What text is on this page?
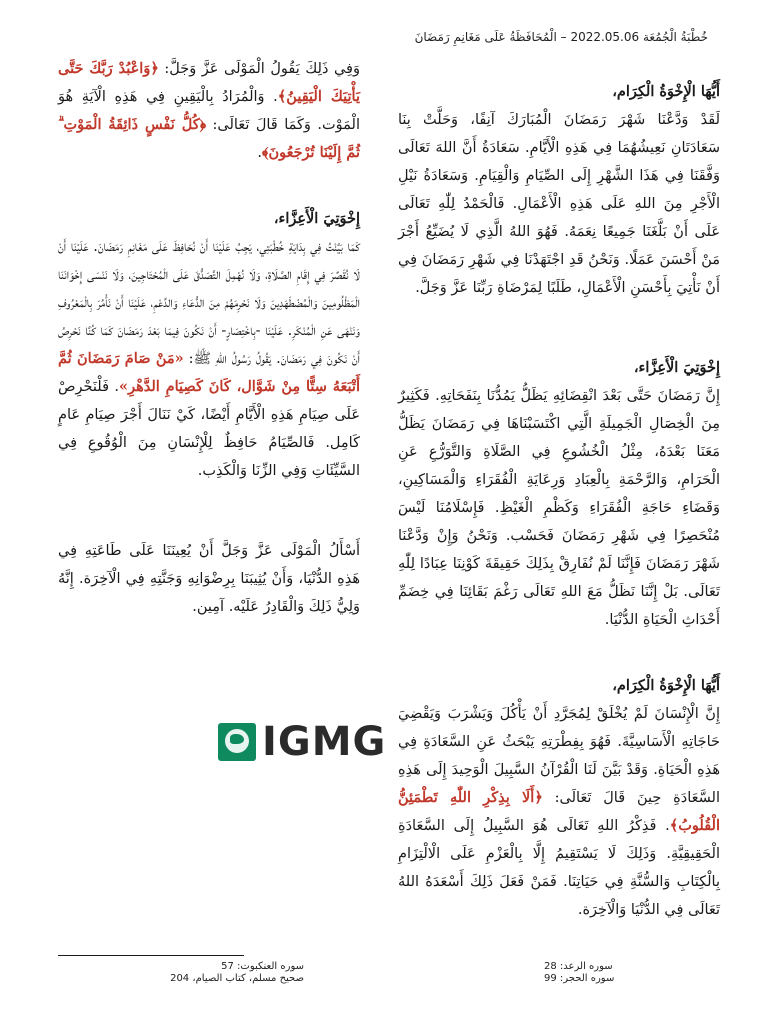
خُطْبَةُ الْجُمُعَة 2022.05.06 – الْمُحَافَظَةُ عَلَى مَغَانِمِ رَمَضَانَ

أَيُّهَا الْإِخْوَةُ الْكِرَام،

لَقَدْ وَدَّعْنَا شَهْرَ رَمَضَانَ الْمُبَارَكَ آنِفًا، وَحَلَّتْ بِنَا سَعَادَتَانِ نَعِيشُهُمَا فِي هَذِهِ الْأَيَّامِ. سَعَادَةُ أَنَّ اللهَ تَعَالَى وَفَّقَنَا فِي هَذَا الشَّهْرِ إِلَى الصِّيَامِ وَالْقِيَامِ. وَسَعَادَةُ نَيْلِ الْأَجْرِ مِنَ اللهِ عَلَى هَذِهِ الْأَعْمَالِ. فَالْحَمْدُ لِلّٰهِ تَعَالَى عَلَى أَنْ بَلَّغَنَا جَمِيعًا نِعَمَهُ. فَهُوَ اللهُ الَّذِي لَا يُضَيِّعُ أَجْرَ مَنْ أَحْسَنَ عَمَلًا. وَنَحْنُ قَدِ اجْتَهَدْنَا فِي شَهْرِ رَمَضَانَ فِي أَنْ نَأْتِيَ بِأَحْسَنِ الْأَعْمَالِ، طَلَبًا لِمَرْضَاةِ رَبِّنَا عَزَّ وَجَلَّ.

إِخْوَتِيَ الْأَعِزَّاء،

إِنَّ رَمَضَانَ حَتَّى بَعْدَ انْقِضَائِهِ يَظَلُّ يَمُدُّنَا بِنَفَحَاتِهِ. فَكَثِيرٌ مِنَ الْخِصَالِ الْجَمِيلَةِ الَّتِي اكْتَسَبْنَاهَا فِي رَمَضَانَ يَظَلُّ مَعَنَا بَعْدَهُ، مِثْلُ الْخُشُوعِ فِي الصَّلَاةِ وَالتَّوَرُّعِ عَنِ الْحَرَامِ، وَالرَّحْمَةِ بِالْعِبَادِ وَرِعَايَةِ الْفُقَرَاءِ وَالْمَسَاكِينِ، وَقَضَاءِ حَاجَةِ الْفُقَرَاءِ وَكَظْمِ الْغَيْظِ. فَإِسْلَامُنَا لَيْسَ مُنْحَصِرًا فِي شَهْرِ رَمَضَانَ فَحَسْب. وَنَحْنُ وَإِنْ وَدَّعْنَا شَهْرَ رَمَضَانَ فَإِنَّنَا لَمْ نُفَارِقْ بِذَلِكَ حَقِيقَةَ كَوْنِنَا عِبَادًا لِلّٰهِ تَعَالَى. بَلْ إِنَّنَا نَظَلُّ مَعَ اللهِ تَعَالَى رَغْمَ بَقَائِنَا فِي خِضَمِّ أَحْدَاثِ الْحَيَاةِ الدُّنْيَا.

أَيُّهَا الْإِخْوَةُ الْكِرَام،

إِنَّ الْإِنْسَانَ لَمْ يُخْلَقْ لِمُجَرَّدِ أَنْ يَأْكُلَ وَيَشْرَبَ وَيَقْضِيَ حَاجَاتِهِ الْأَسَاسِيَّةَ. فَهُوَ بِفِطْرَتِهِ يَبْحَثُ عَنِ السَّعَادَةِ فِي هَذِهِ الْحَيَاةِ. وَقَدْ بَيَّنَ لَنَا الْقُرْآنُ السَّبِيلَ الْوَحِيدَ إِلَى هَذِهِ السَّعَادَةِ حِينَ قَالَ تَعَالَى: ﴿أَلَا بِذِكْرِ اللّٰهِ تَطْمَئِنُّ الْقُلُوبُ﴾. فَذِكْرُ اللهِ تَعَالَى هُوَ السَّبِيلُ إِلَى السَّعَادَةِ الْحَقِيقِيَّةِ. وَذَلِكَ لَا يَسْتَقِيمُ إِلَّا بِالْعَزْمِ عَلَى الْالْتِزَامِ بِالْكِتَابِ وَالسُّنَّةِ فِي حَيَاتِنَا. فَمَنْ فَعَلَ ذَلِكَ أَسْعَدَهُ اللهُ تَعَالَى فِي الدُّنْيَا وَالْآخِرَة.

وَفِي ذَلِكَ يَقُولُ الْمَوْلَى عَزَّ وَجَلَّ: ﴿وَاعْبُدْ رَبَّكَ حَتَّى يَأْتِيَكَ الْيَقِينُ﴾. وَالْمُرَادُ بِالْيَقِينِ فِي هَذِهِ الْآيَةِ هُوَ الْمَوْت. وَكَمَا قَالَ تَعَالَى: ﴿كُلُّ نَفْسٍ ذَائِقَةُ الْمَوْتِ ۗ ثُمَّ إِلَيْنَا تُرْجَعُونَ﴾.

إِخْوَتِيَ الْأَعِزَّاء،

كَمَا بَيَّنْتُ فِي بِدَايَةِ خُطْبَتِي، يَجِبُ عَلَيْنَا أَنْ نُحَافِظَ عَلَى مَغَانِمِ رَمَضَانَ. عَلَيْنَا أَنْ لَا نُقَصِّرَ فِي إِقَامِ الصَّلَاةِ، وَلَا نُهْمِلَ التَّصَدُّقَ عَلَى الْمُحْتَاجِينَ، وَلَا نَنْسَى إِخْوَانَنَا الْمَظْلُومِينَ وَالْمُضْطَهَدِينَ وَلَا نَحْرِمَهُمْ مِنَ الدُّعَاءِ وَالدَّعْمِ، عَلَيْنَا أَنْ نَأْمُرَ بِالْمَعْرُوفِ وَنَنْهَى عَنِ الْمُنْكَرِ. عَلَيْنَا -بِاخْتِصَارٍ- أَنْ نَكُونَ فِيمَا بَعْدَ رَمَضَانَ كَمَا كُنَّا نَحْرِصُ أَنْ نَكُونَ فِي رَمَضَانَ. يَقُولُ رَسُولُ اللهِ ﷺ: «مَنْ صَامَ رَمَضَانَ ثُمَّ أَتْبَعَهُ سِتًّا مِنْ شَوَّال، كَانَ كَصِيَامِ الدَّهْرِ». فَلْنَحْرِصْ عَلَى صِيَامِ هَذِهِ الْأَيَّامِ أَيْضًا، كَيْ نَنَالَ أَجْرَ صِيَامِ عَامٍ كَامِل. فَالصِّيَامُ حَافِظٌ لِلْإِنْسَانِ مِنَ الْوُقُوعِ فِي السَّيِّئَاتِ وَفِي الزِّنَا وَالْكَذِب.

أَسْأَلُ الْمَوْلَى عَزَّ وَجَلَّ أَنْ يُعِينَنَا عَلَى طَاعَتِهِ فِي هَذِهِ الدُّنْيَا، وَأَنْ يُثِيبَنَا بِرِضْوَانِهِ وَجَنَّتِهِ فِي الْآخِرَة. إِنَّهُ وَلِيُّ ذَلِكَ وَالْقَادِرُ عَلَيْه. آمِين.

IGMG
سوره العنكبوت: 57
صحيح مسلم، كتاب الصيام، 204
سوره الرعد: 28
سوره الحجر: 99
